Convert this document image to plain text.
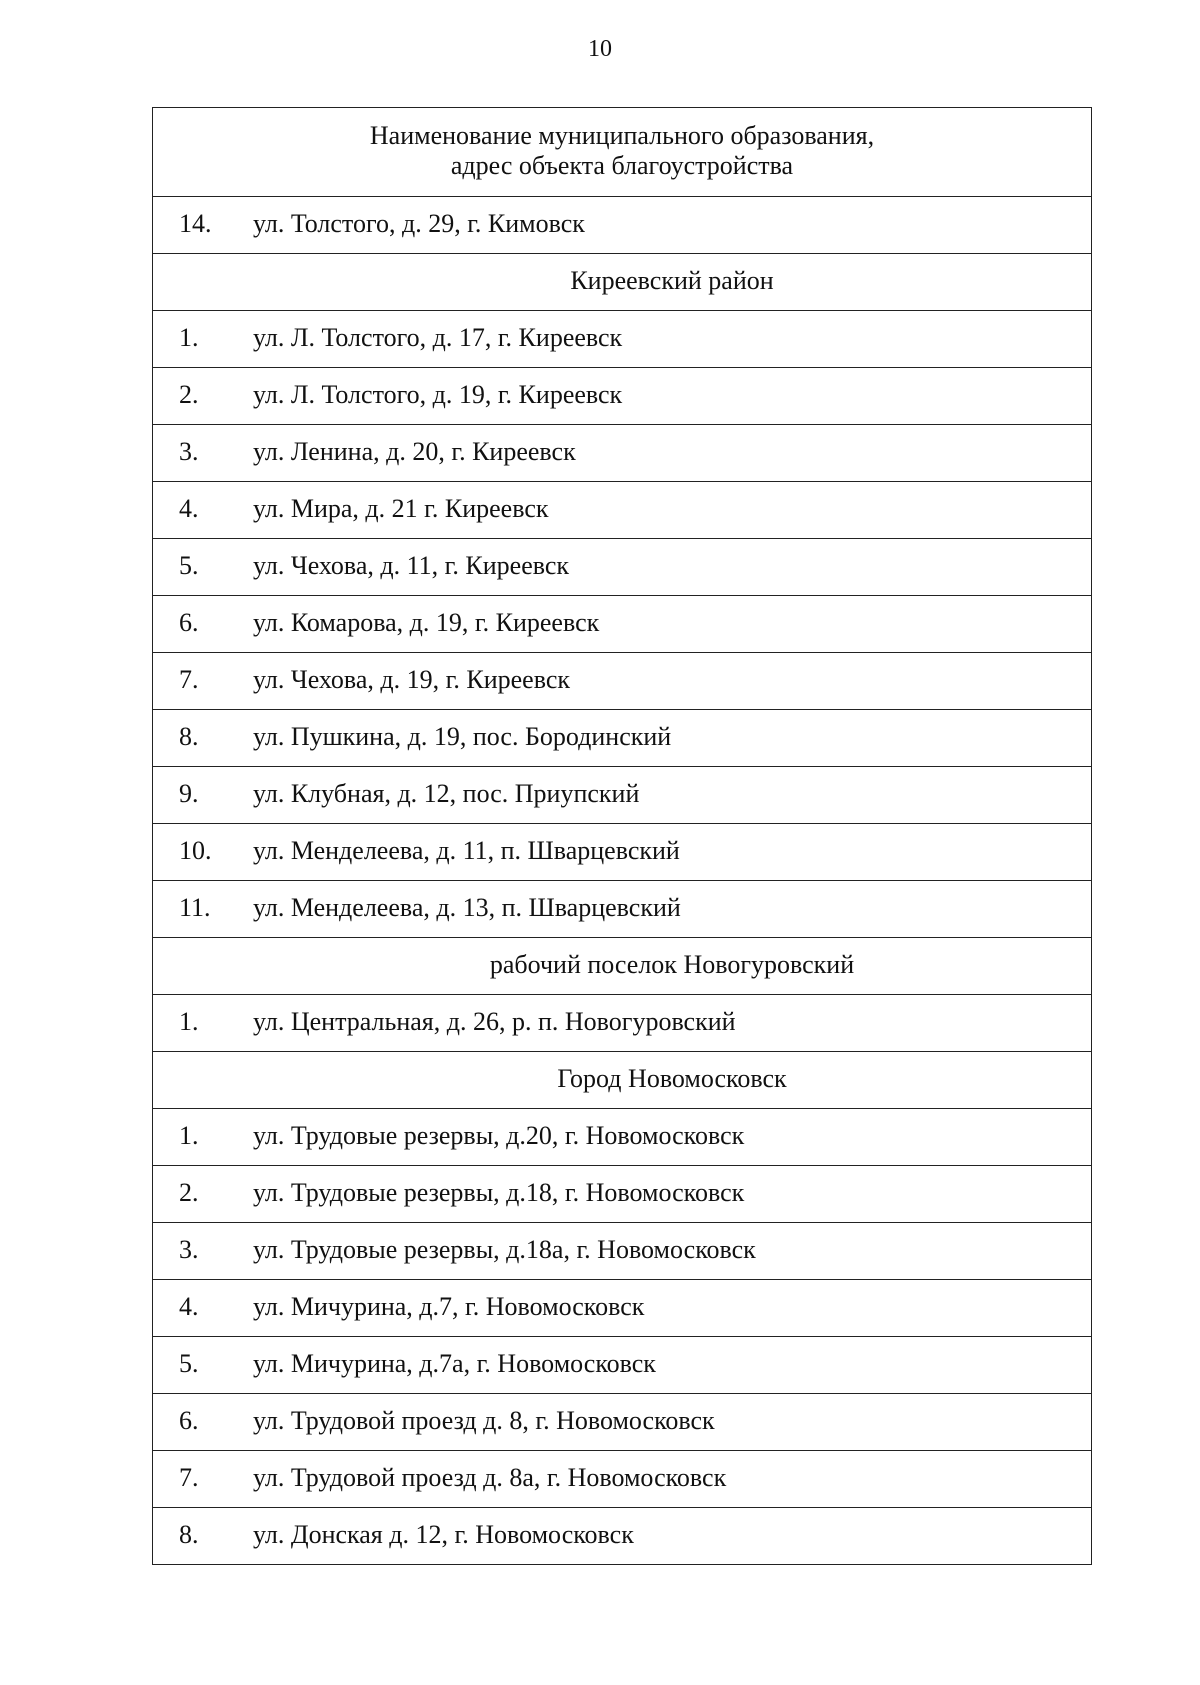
10
Наименование муниципального образования,
адрес объекта благоустройства
14. ул. Толстого, д. 29, г. Кимовск
Киреевский район
1. ул. Л. Толстого, д. 17, г. Киреевск
2. ул. Л. Толстого, д. 19, г. Киреевск
3. ул. Ленина, д. 20, г. Киреевск
4. ул. Мира, д. 21 г. Киреевск
5. ул. Чехова, д. 11, г. Киреевск
6. ул. Комарова, д. 19, г. Киреевск
7. ул. Чехова, д. 19, г. Киреевск
8. ул. Пушкина, д. 19, пос. Бородинский
9. ул. Клубная, д. 12, пос. Приупский
10. ул. Менделеева, д. 11, п. Шварцевский
11. ул. Менделеева, д. 13, п. Шварцевский
рабочий поселок Новогуровский
1. ул. Центральная, д. 26, р. п. Новогуровский
Город Новомосковск
1. ул. Трудовые резервы, д.20, г. Новомосковск
2. ул. Трудовые резервы, д.18, г. Новомосковск
3. ул. Трудовые резервы, д.18а, г. Новомосковск
4. ул. Мичурина, д.7, г. Новомосковск
5. ул. Мичурина, д.7а, г. Новомосковск
6. ул. Трудовой проезд д. 8, г. Новомосковск
7. ул. Трудовой проезд д. 8а, г. Новомосковск
8. ул. Донская д. 12, г. Новомосковск
